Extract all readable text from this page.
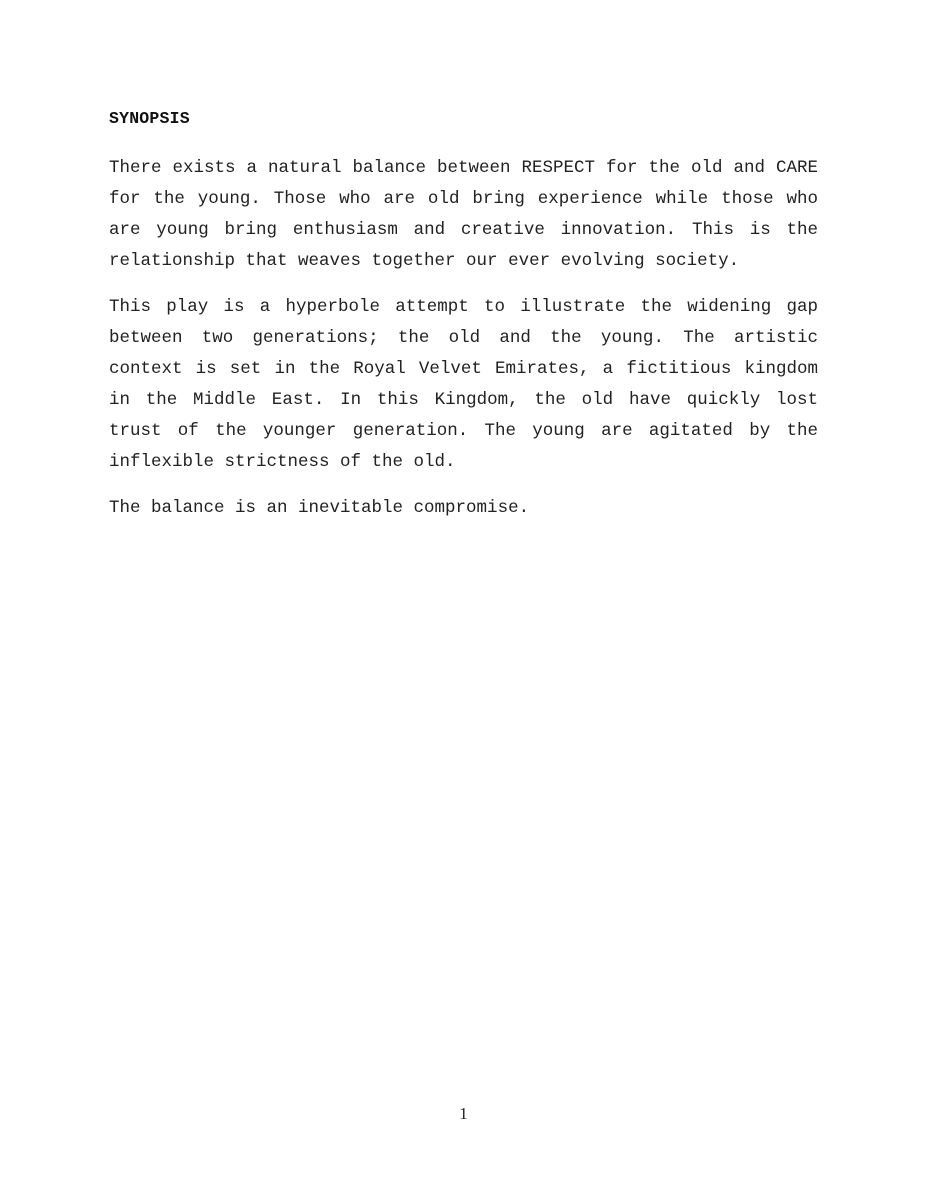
SYNOPSIS

There exists a natural balance between RESPECT for the old and CARE for the young. Those who are old bring experience while those who are young bring enthusiasm and creative innovation. This is the relationship that weaves together our ever evolving society.

This play is a hyperbole attempt to illustrate the widening gap between two generations; the old and the young. The artistic context is set in the Royal Velvet Emirates, a fictitious kingdom in the Middle East. In this Kingdom, the old have quickly lost trust of the younger generation. The young are agitated by the inflexible strictness of the old.

The balance is an inevitable compromise.

1
